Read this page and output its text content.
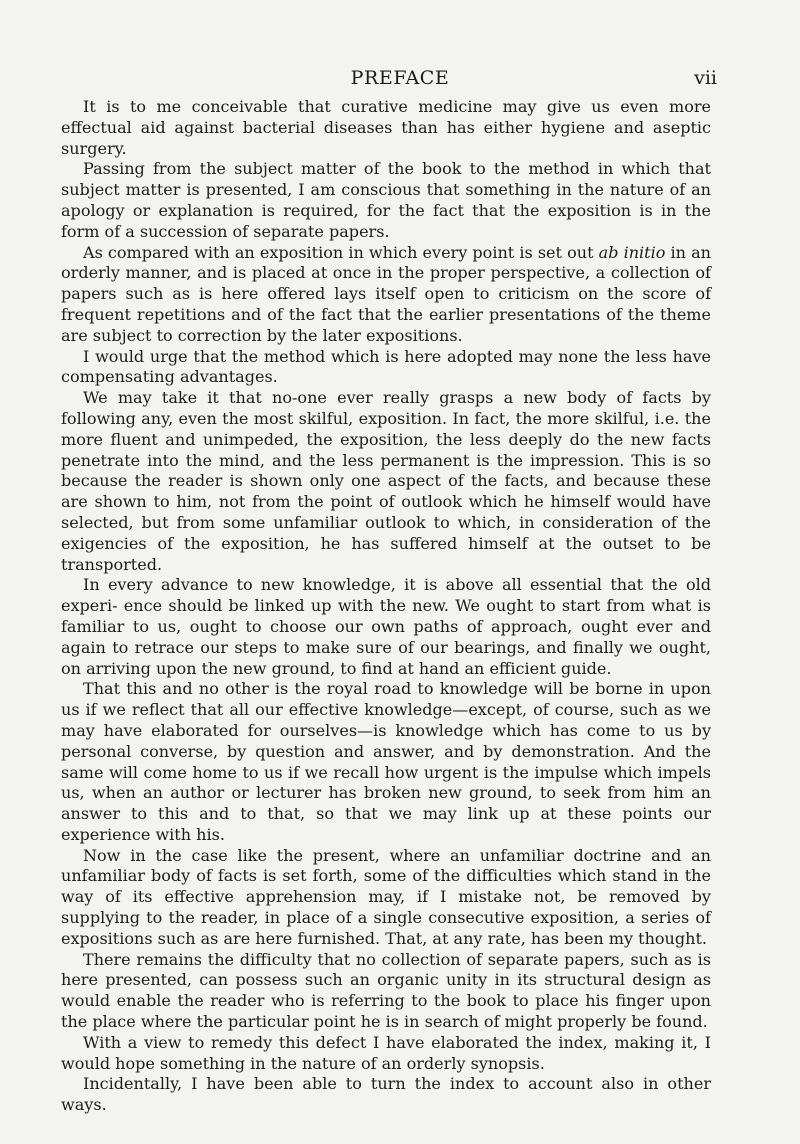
PREFACE	vii

It is to me conceivable that curative medicine may give us even more effectual aid against bacterial diseases than has either hygiene and aseptic surgery.

Passing from the subject matter of the book to the method in which that subject matter is presented, I am conscious that something in the nature of an apology or explanation is required, for the fact that the exposition is in the form of a succession of separate papers.

As compared with an exposition in which every point is set out ab initio in an orderly manner, and is placed at once in the proper perspective, a collection of papers such as is here offered lays itself open to criticism on the score of frequent repetitions and of the fact that the earlier presentations of the theme are subject to correction by the later expositions.

I would urge that the method which is here adopted may none the less have compensating advantages.

We may take it that no-one ever really grasps a new body of facts by following any, even the most skilful, exposition. In fact, the more skilful, i.e. the more fluent and unimpeded, the exposition, the less deeply do the new facts penetrate into the mind, and the less permanent is the impression. This is so because the reader is shown only one aspect of the facts, and because these are shown to him, not from the point of outlook which he himself would have selected, but from some unfamiliar outlook to which, in consideration of the exigencies of the exposition, he has suffered himself at the outset to be transported.

In every advance to new knowledge, it is above all essential that the old experi- ence should be linked up with the new. We ought to start from what is familiar to us, ought to choose our own paths of approach, ought ever and again to retrace our steps to make sure of our bearings, and finally we ought, on arriving upon the new ground, to find at hand an efficient guide.

That this and no other is the royal road to knowledge will be borne in upon us if we reflect that all our effective knowledge—except, of course, such as we may have elaborated for ourselves—is knowledge which has come to us by personal converse, by question and answer, and by demonstration. And the same will come home to us if we recall how urgent is the impulse which impels us, when an author or lecturer has broken new ground, to seek from him an answer to this and to that, so that we may link up at these points our experience with his.

Now in the case like the present, where an unfamiliar doctrine and an unfamiliar body of facts is set forth, some of the difficulties which stand in the way of its effective apprehension may, if I mistake not, be removed by supplying to the reader, in place of a single consecutive exposition, a series of expositions such as are here furnished. That, at any rate, has been my thought.

There remains the difficulty that no collection of separate papers, such as is here presented, can possess such an organic unity in its structural design as would enable the reader who is referring to the book to place his finger upon the place where the particular point he is in search of might properly be found.

With a view to remedy this defect I have elaborated the index, making it, I would hope something in the nature of an orderly synopsis.

Incidentally, I have been able to turn the index to account also in other ways.
